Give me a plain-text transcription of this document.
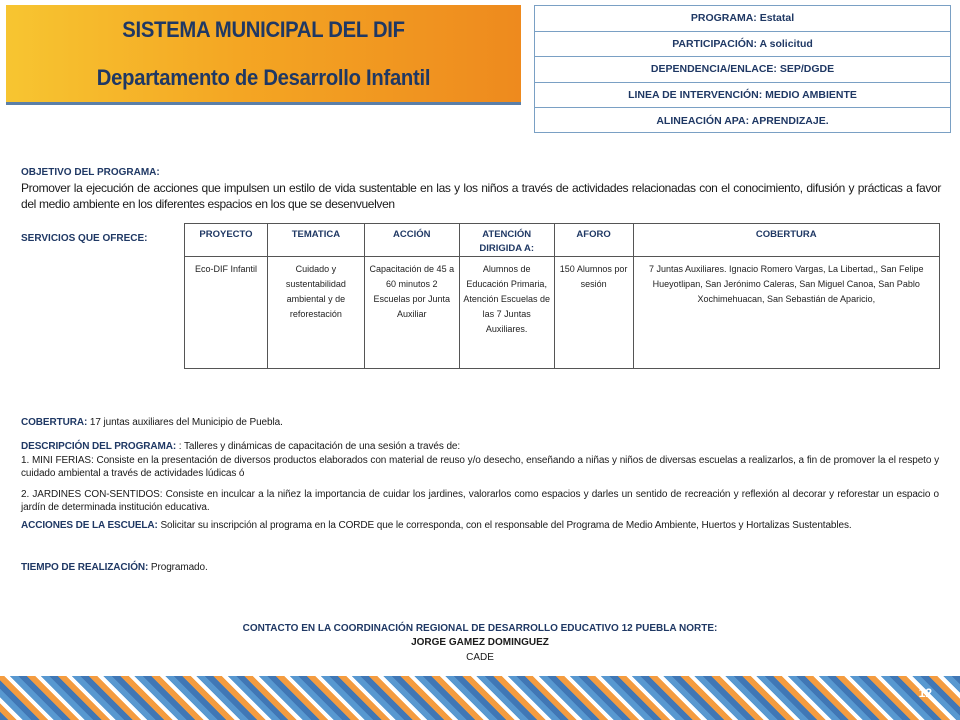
SISTEMA MUNICIPAL DEL DIF
Departamento de Desarrollo Infantil
PROGRAMA: Estatal
PARTICIPACIÓN: A solicitud
DEPENDENCIA/ENLACE: SEP/DGDE
LINEA DE INTERVENCIÓN: MEDIO AMBIENTE
ALINEACIÓN APA: APRENDIZAJE.
OBJETIVO DEL PROGRAMA:
Promover la ejecución de acciones que impulsen un estilo de vida sustentable en las y los niños a través de actividades relacionadas con el conocimiento, difusión y prácticas a favor del medio ambiente en los diferentes espacios en los que se desenvuelven
SERVICIOS QUE OFRECE:	PROYECTO	TEMATICA	ACCIÓN	ATENCIÓN DIRIGIDA A:	AFORO	COBERTURA
Eco-DIF Infantil	Cuidado y sustentabilidad ambiental y de reforestación	Capacitación de 45 a 60 minutos 2 Escuelas por Junta Auxiliar	Alumnos de Educación Primaria, Atención Escuelas de las 7 Juntas Auxiliares.	150 Alumnos por sesión	7 Juntas Auxiliares. Ignacio Romero Vargas, La Libertad,, San Felipe Hueyotlipan, San Jerónimo Caleras, San Miguel Canoa, San Pablo Xochimehuacan, San Sebastián de Aparicio,
COBERTURA: 17 juntas auxiliares del Municipio de Puebla.
DESCRIPCIÓN DEL PROGRAMA: : Talleres y dinámicas de capacitación de una sesión a través de:
1. MINI FERIAS: Consiste en la presentación de diversos productos elaborados con material de reuso y/o desecho, enseñando a niñas y niños de diversas escuelas a realizarlos, a fin de promover la el respeto y cuidado ambiental a través de actividades lúdicas ó
2. JARDINES CON-SENTIDOS: Consiste en inculcar a la niñez la importancia de cuidar los jardines, valorarlos como espacios y darles un sentido de recreación y reflexión al decorar y reforestar un espacio o jardín de determinada institución educativa.
ACCIONES DE LA ESCUELA: Solicitar su inscripción al programa en la CORDE que le corresponda, con el responsable del Programa de Medio Ambiente, Huertos y Hortalizas Sustentables.
TIEMPO DE REALIZACIÓN: Programado.
CONTACTO EN LA COORDINACIÓN REGIONAL DE DESARROLLO EDUCATIVO 12 PUEBLA NORTE:
JORGE GAMEZ DOMINGUEZ
CADE
12
